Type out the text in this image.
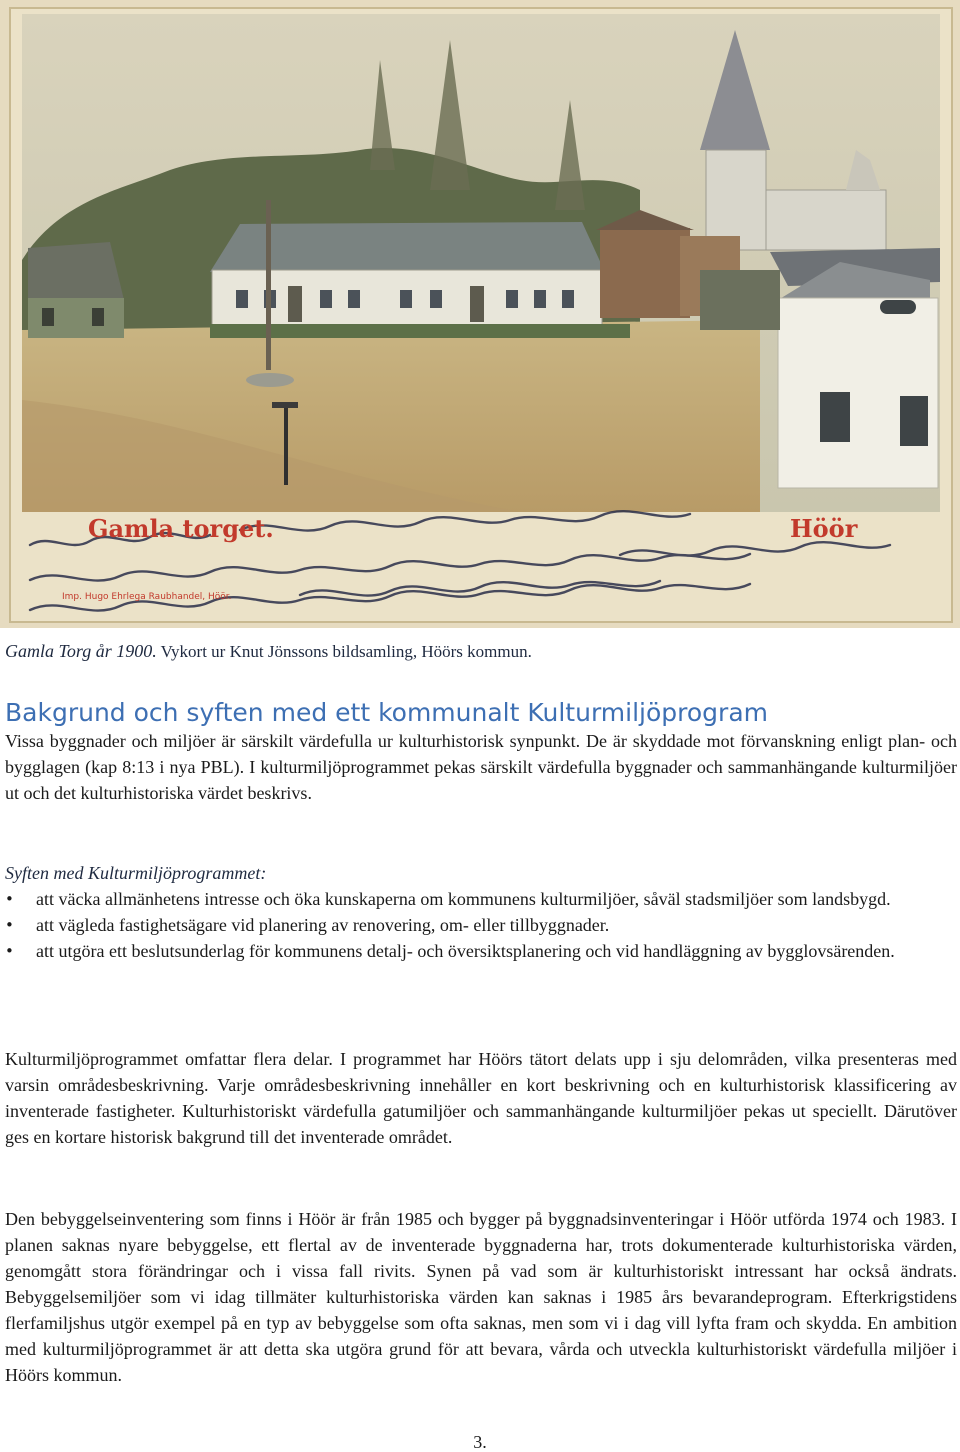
Gamla torget.	Höör
Imp. Hugo Ehrlega Raubhandel, Höör.
Gamla Torg år 1900. Vykort ur Knut Jönssons bildsamling, Höörs kommun.
Bakgrund och syften med ett kommunalt Kulturmiljöprogram

Vissa byggnader och miljöer är särskilt värdefulla ur kulturhistorisk synpunkt. De är skyddade mot förvanskning enligt plan- och bygglagen (kap 8:13 i nya PBL). I kulturmiljöprogrammet pekas särskilt värdefulla byggnader och sammanhängande kulturmiljöer ut och det kulturhistoriska värdet beskrivs.

Syften med Kulturmiljöprogrammet:

• att väcka allmänhetens intresse och öka kunskaperna om kommunens kulturmiljöer, såväl stadsmiljöer som landsbygd.
• att vägleda fastighetsägare vid planering av renovering, om- eller tillbyggnader.
• att utgöra ett beslutsunderlag för kommunens detalj- och översiktsplanering och vid handläggning av bygglovsärenden.

Kulturmiljöprogrammet omfattar flera delar. I programmet har Höörs tätort delats upp i sju delområden, vilka presenteras med varsin områdesbeskrivning. Varje områdesbeskrivning innehåller en kort beskrivning och en kulturhistorisk klassificering av inventerade fastigheter. Kulturhistoriskt värdefulla gatumiljöer och sammanhängande kulturmiljöer pekas ut speciellt. Därutöver ges en kortare historisk bakgrund till det inventerade området.

Den bebyggelseinventering som finns i Höör är från 1985 och bygger på byggnadsinventeringar i Höör utförda 1974 och 1983. I planen saknas nyare bebyggelse, ett flertal av de inventerade byggnaderna har, trots dokumenterade kulturhistoriska värden, genomgått stora förändringar och i vissa fall rivits. Synen på vad som är kulturhistoriskt intressant har också ändrats. Bebyggelsemiljöer som vi idag tillmäter kulturhistoriska värden kan saknas i 1985 års bevarandeprogram. Efterkrigstidens flerfamiljshus utgör exempel på en typ av bebyggelse som ofta saknas, men som vi i dag vill lyfta fram och skydda. En ambition med kulturmiljöprogrammet är att detta ska utgöra grund för att bevara, vårda och utveckla kulturhistoriskt värdefulla miljöer i Höörs kommun.

3.
